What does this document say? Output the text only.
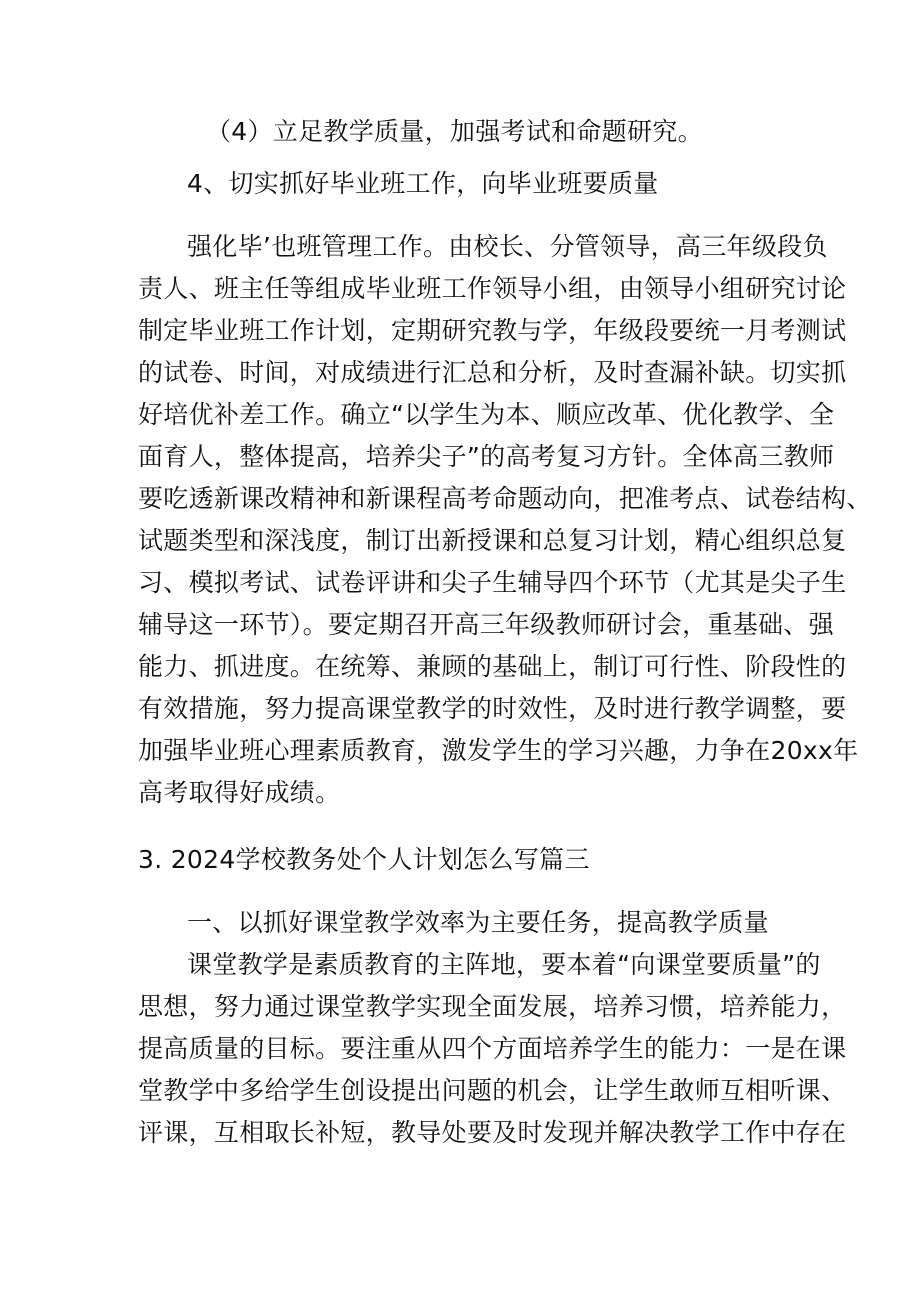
（4）立足教学质量，加强考试和命题研究。
4、切实抓好毕业班工作，向毕业班要质量
强化毕’也班管理工作。由校长、分管领导，高三年级段负
责人、班主任等组成毕业班工作领导小组，由领导小组研究讨论
制定毕业班工作计划，定期研究教与学，年级段要统一月考测试
的试卷、时间，对成绩进行汇总和分析，及时查漏补缺。切实抓
好培优补差工作。确立“以学生为本、顺应改革、优化教学、全
面育人，整体提高，培养尖子”的高考复习方针。全体高三教师
要吃透新课改精神和新课程高考命题动向，把准考点、试卷结构、
试题类型和深浅度，制订出新授课和总复习计划，精心组织总复
习、模拟考试、试卷评讲和尖子生辅导四个环节（尤其是尖子生
辅导这一环节）。要定期召开高三年级教师研讨会，重基础、强
能力、抓进度。在统筹、兼顾的基础上，制订可行性、阶段性的
有效措施，努力提高课堂教学的时效性，及时进行教学调整，要
加强毕业班心理素质教育，激发学生的学习兴趣，力争在20xx年
高考取得好成绩。
3. 2024学校教务处个人计划怎么写篇三
一、以抓好课堂教学效率为主要任务，提高教学质量
课堂教学是素质教育的主阵地，要本着“向课堂要质量”的
思想，努力通过课堂教学实现全面发展，培养习惯，培养能力，
提高质量的目标。要注重从四个方面培养学生的能力：一是在课
堂教学中多给学生创设提出问题的机会，让学生敢师互相听课、
评课，互相取长补短，教导处要及时发现并解决教学工作中存在
